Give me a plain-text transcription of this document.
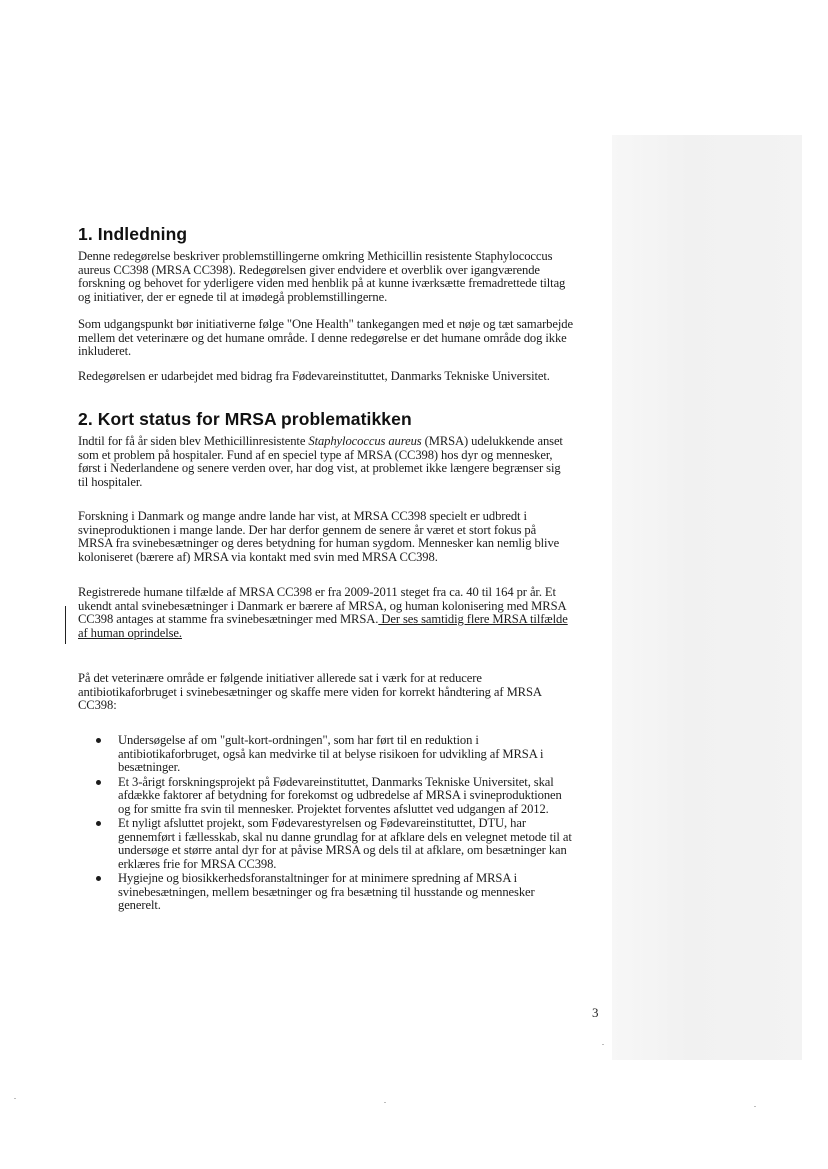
1. Indledning
Denne redegørelse beskriver problemstillingerne omkring Methicillin resistente Staphylococcus
aureus CC398 (MRSA CC398). Redegørelsen giver endvidere et overblik over igangværende
forskning og behovet for yderligere viden med henblik på at kunne iværksætte fremadrettede tiltag
og initiativer, der er egnede til at imødegå problemstillingerne.
Som udgangspunkt bør initiativerne følge "One Health" tankegangen med et nøje og tæt samarbejde
mellem det veterinære og det humane område. I denne redegørelse er det humane område dog ikke
inkluderet.
Redegørelsen er udarbejdet med bidrag fra Fødevareinstituttet, Danmarks Tekniske Universitet.
2. Kort status for MRSA problematikken
Indtil for få år siden blev Methicillinresistente Staphylococcus aureus (MRSA) udelukkende anset
som et problem på hospitaler. Fund af en speciel type af MRSA (CC398) hos dyr og mennesker,
først i Nederlandene og senere verden over, har dog vist, at problemet ikke længere begrænser sig
til hospitaler.
Forskning i Danmark og mange andre lande har vist, at MRSA CC398 specielt er udbredt i
svineproduktionen i mange lande. Der har derfor gennem de senere år været et stort fokus på
MRSA fra svinebesætninger og deres betydning for human sygdom. Mennesker kan nemlig blive
koloniseret (bærere af) MRSA via kontakt med svin med MRSA CC398.
Registrerede humane tilfælde af MRSA CC398 er fra 2009-2011 steget fra ca. 40 til 164 pr år. Et
ukendt antal svinebesætninger i Danmark er bærere af MRSA, og human kolonisering med MRSA
CC398 antages at stamme fra svinebesætninger med MRSA. Der ses samtidig flere MRSA tilfælde
af human oprindelse.
På det veterinære område er følgende initiativer allerede sat i værk for at reducere
antibiotikaforbruget i svinebesætninger og skaffe mere viden for korrekt håndtering af MRSA
CC398:
Undersøgelse af om "gult-kort-ordningen", som har ført til en reduktion i
antibiotikaforbruget, også kan medvirke til at belyse risikoen for udvikling af MRSA i
besætninger.
Et 3-årigt forskningsprojekt på Fødevareinstituttet, Danmarks Tekniske Universitet, skal
afdække faktorer af betydning for forekomst og udbredelse af MRSA i svineproduktionen
og for smitte fra svin til mennesker. Projektet forventes afsluttet ved udgangen af 2012.
Et nyligt afsluttet projekt, som Fødevarestyrelsen og Fødevareinstituttet, DTU, har
gennemført i fællesskab, skal nu danne grundlag for at afklare dels en velegnet metode til at
undersøge et større antal dyr for at påvise MRSA og dels til at afklare, om besætninger kan
erklæres frie for MRSA CC398.
Hygiejne og biosikkerhedsforanstaltninger for at minimere spredning af MRSA i
svinebesætningen, mellem besætninger og fra besætning til husstande og mennesker
generelt.
3
